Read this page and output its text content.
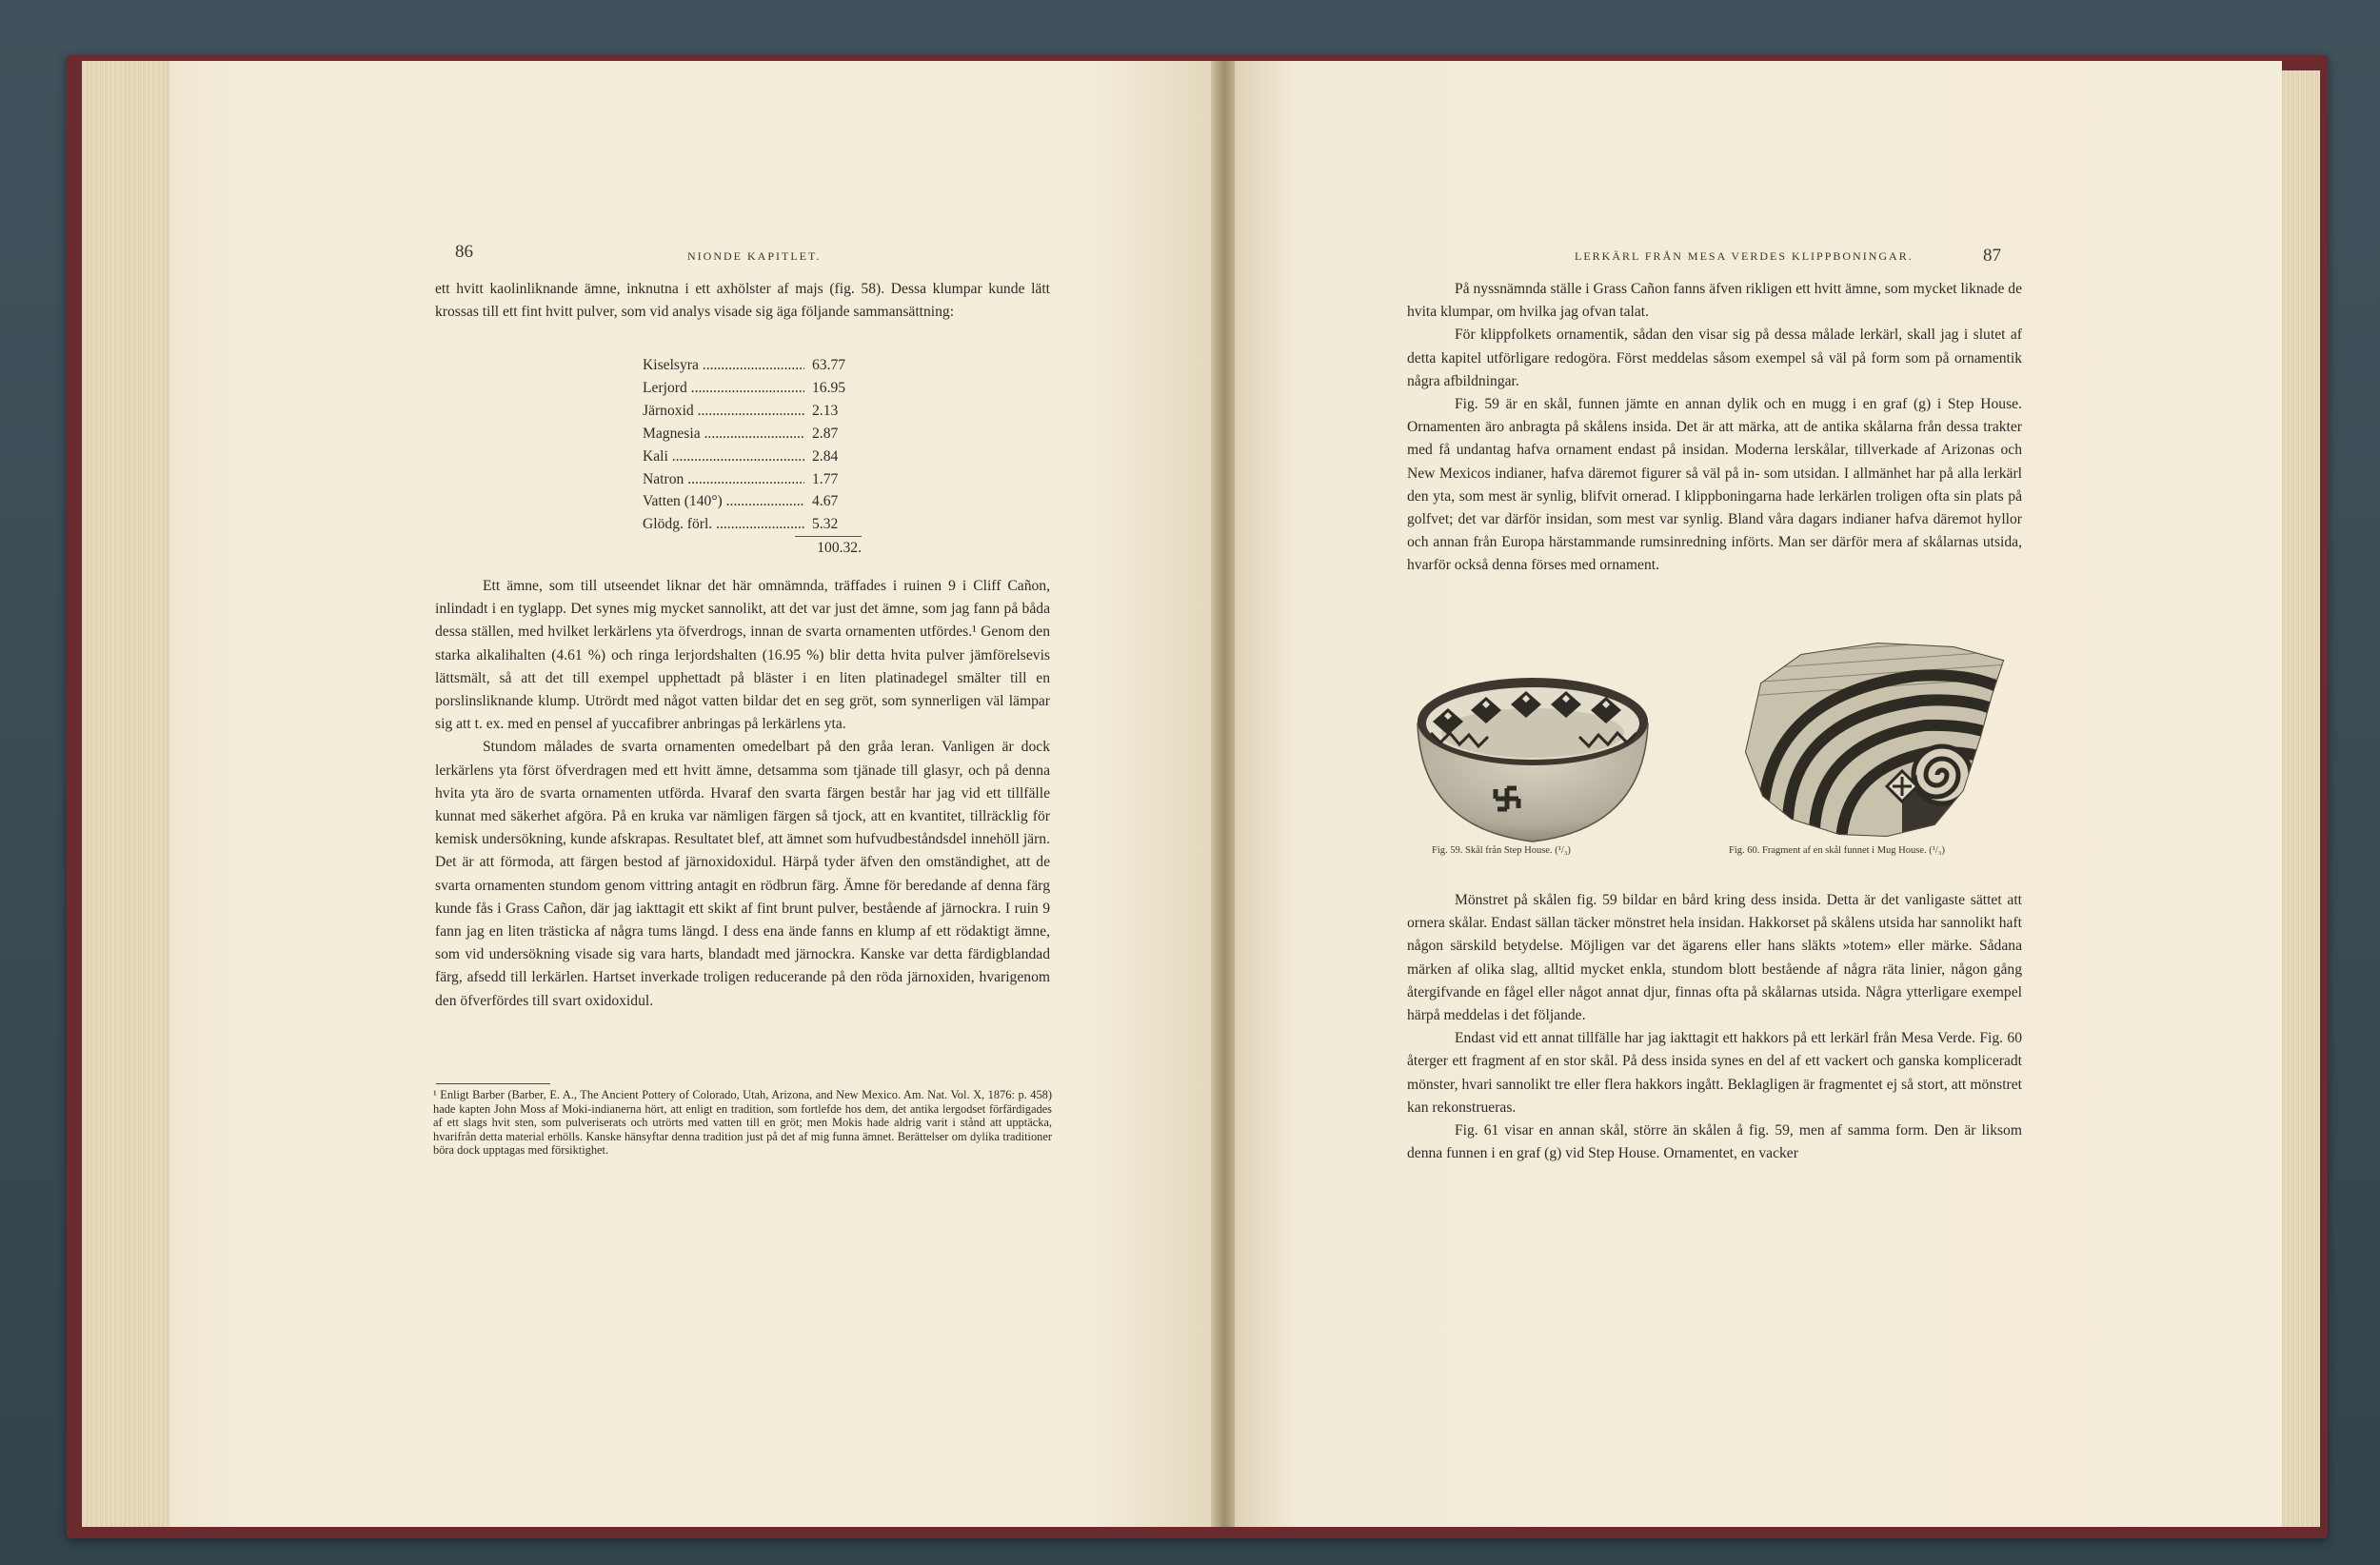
86	NIONDE KAPITLET.

ett hvitt kaolinliknande ämne, inknutna i ett axhölster af majs (fig. 58). Dessa klumpar kunde lätt krossas till ett fint hvitt pulver, som vid analys visade sig äga följande sammansättning:

Kiselsyra .....	63.77
Lerjord .....	16.95
Järnoxid .....	2.13
Magnesia .....	2.87
Kali .....	2.84
Natron .....	1.77
Vatten (140°) .....	4.67
Glödg. förl. .....	5.32
100.32.

Ett ämne, som till utseendet liknar det här omnämnda, träffades i ruinen 9 i Cliff Cañon, inlindadt i en tyglapp. Det synes mig mycket sannolikt, att det var just det ämne, som jag fann på båda dessa ställen, med hvilket lerkärlens yta öfverdrogs, innan de svarta ornamenten utfördes.¹ Genom den starka alkalihalten (4.61 %) och ringa lerjordshalten (16.95 %) blir detta hvita pulver jämförelsevis lättsmält, så att det till exempel upphettadt på bläster i en liten platinadegel smälter till en porslinsliknande klump. Utrördt med något vatten bildar det en seg gröt, som synnerligen väl lämpar sig att t. ex. med en pensel af yuccafibrer anbringas på lerkärlens yta.

Stundom målades de svarta ornamenten omedelbart på den gråa leran. Vanligen är dock lerkärlens yta först öfverdragen med ett hvitt ämne, detsamma som tjänade till glasyr, och på denna hvita yta äro de svarta ornamenten utförda. Hvaraf den svarta färgen består har jag vid ett tillfälle kunnat med säkerhet afgöra. På en kruka var nämligen färgen så tjock, att en kvantitet, tillräcklig för kemisk undersökning, kunde afskrapas. Resultatet blef, att ämnet som hufvudbeståndsdel innehöll järn. Det är att förmoda, att färgen bestod af järnoxidoxidul. Härpå tyder äfven den omständighet, att de svarta ornamenten stundom genom vittring antagit en rödbrun färg. Ämne för beredande af denna färg kunde fås i Grass Cañon, där jag iakttagit ett skikt af fint brunt pulver, bestående af järnockra. I ruin 9 fann jag en liten trästicka af några tums längd. I dess ena ände fanns en klump af ett rödaktigt ämne, som vid undersökning visade sig vara harts, blandadt med järnockra. Kanske var detta färdigblandad färg, afsedd till lerkärlen. Hartset inverkade troligen reducerande på den röda järnoxiden, hvarigenom den öfverfördes till svart oxidoxidul.

¹ Enligt Barber (Barber, E. A., The Ancient Pottery of Colorado, Utah, Arizona, and New Mexico. Am. Nat. Vol. X, 1876: p. 458) hade kapten John Moss af Moki-indianerna hört, att enligt en tradition, som fortlefde hos dem, det antika lergodset förfärdigades af ett slags hvit sten, som pulveriserats och utrörts med vatten till en gröt; men Mokis hade aldrig varit i stånd att upptäcka, hvarifrån detta material erhölls. Kanske hänsyftar denna tradition just på det af mig funna ämnet. Berättelser om dylika traditioner böra dock upptagas med försiktighet.
LERKÄRL FRÅN MESA VERDES KLIPPBONINGAR.	87

På nyssnämnda ställe i Grass Cañon fanns äfven rikligen ett hvitt ämne, som mycket liknade de hvita klumpar, om hvilka jag ofvan talat.

För klippfolkets ornamentik, sådan den visar sig på dessa målade lerkärl, skall jag i slutet af detta kapitel utförligare redogöra. Först meddelas såsom exempel så väl på form som på ornamentik några afbildningar.

Fig. 59 är en skål, funnen jämte en annan dylik och en mugg i en graf (g) i Step House. Ornamenten äro anbragta på skålens insida. Det är att märka, att de antika skålarna från dessa trakter med få undantag hafva ornament endast på insidan. Moderna lerskålar, tillverkade af Arizonas och New Mexicos indianer, hafva däremot figurer så väl på in- som utsidan. I allmänhet har på alla lerkärl den yta, som mest är synlig, blifvit ornerad. I klippboningarna hade lerkärlen troligen ofta sin plats på golfvet; det var därför insidan, som mest var synlig. Bland våra dagars indianer hafva däremot hyllor och annan från Europa härstammande rumsinredning införts. Man ser därför mera af skålarnas utsida, hvarför också denna förses med ornament.

Fig. 59. Skål från Step House. (¹/₃)	Fig. 60. Fragment af en skål funnet i Mug House. (¹/₃)

Mönstret på skålen fig. 59 bildar en bård kring dess insida. Detta är det vanligaste sättet att ornera skålar. Endast sällan täcker mönstret hela insidan. Hakkorset på skålens utsida har sannolikt haft någon särskild betydelse. Möjligen var det ägarens eller hans släkts »totem» eller märke. Sådana märken af olika slag, alltid mycket enkla, stundom blott bestående af några räta linier, någon gång återgifvande en fågel eller något annat djur, finnas ofta på skålarnas utsida. Några ytterligare exempel härpå meddelas i det följande.

Endast vid ett annat tillfälle har jag iakttagit ett hakkors på ett lerkärl från Mesa Verde. Fig. 60 återger ett fragment af en stor skål. På dess insida synes en del af ett vackert och ganska kompliceradt mönster, hvari sannolikt tre eller flera hakkors ingått. Beklagligen är fragmentet ej så stort, att mönstret kan rekonstrueras.

Fig. 61 visar en annan skål, större än skålen å fig. 59, men af samma form. Den är liksom denna funnen i en graf (g) vid Step House. Ornamentet, en vacker
